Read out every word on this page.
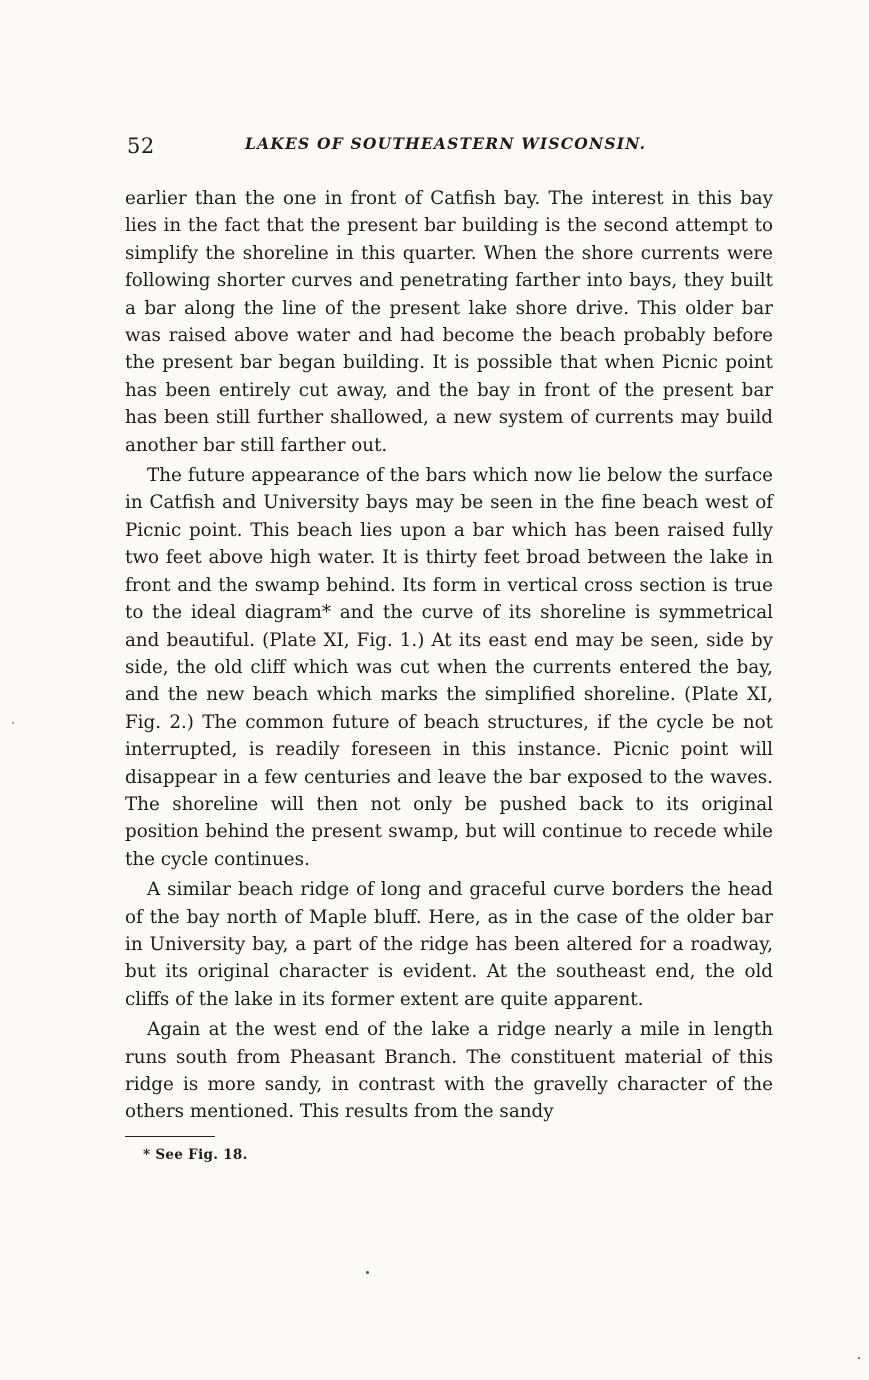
52	LAKES OF SOUTHEASTERN WISCONSIN.

earlier than the one in front of Catfish bay. The interest in this bay lies in the fact that the present bar building is the second attempt to simplify the shoreline in this quarter. When the shore currents were following shorter curves and penetrating farther into bays, they built a bar along the line of the present lake shore drive. This older bar was raised above water and had become the beach probably before the present bar began building. It is possible that when Picnic point has been entirely cut away, and the bay in front of the present bar has been still further shallowed, a new system of currents may build another bar still farther out.

The future appearance of the bars which now lie below the surface in Catfish and University bays may be seen in the fine beach west of Picnic point. This beach lies upon a bar which has been raised fully two feet above high water. It is thirty feet broad between the lake in front and the swamp behind. Its form in vertical cross section is true to the ideal diagram* and the curve of its shoreline is symmetrical and beautiful. (Plate XI, Fig. 1.) At its east end may be seen, side by side, the old cliff which was cut when the currents entered the bay, and the new beach which marks the simplified shoreline. (Plate XI, Fig. 2.) The common future of beach structures, if the cycle be not interrupted, is readily foreseen in this instance. Picnic point will disappear in a few centuries and leave the bar exposed to the waves. The shoreline will then not only be pushed back to its original position behind the present swamp, but will continue to recede while the cycle continues.

A similar beach ridge of long and graceful curve borders the head of the bay north of Maple bluff. Here, as in the case of the older bar in University bay, a part of the ridge has been altered for a roadway, but its original character is evident. At the southeast end, the old cliffs of the lake in its former extent are quite apparent.

Again at the west end of the lake a ridge nearly a mile in length runs south from Pheasant Branch. The constituent material of this ridge is more sandy, in contrast with the gravelly character of the others mentioned. This results from the sandy

* See Fig. 18.
